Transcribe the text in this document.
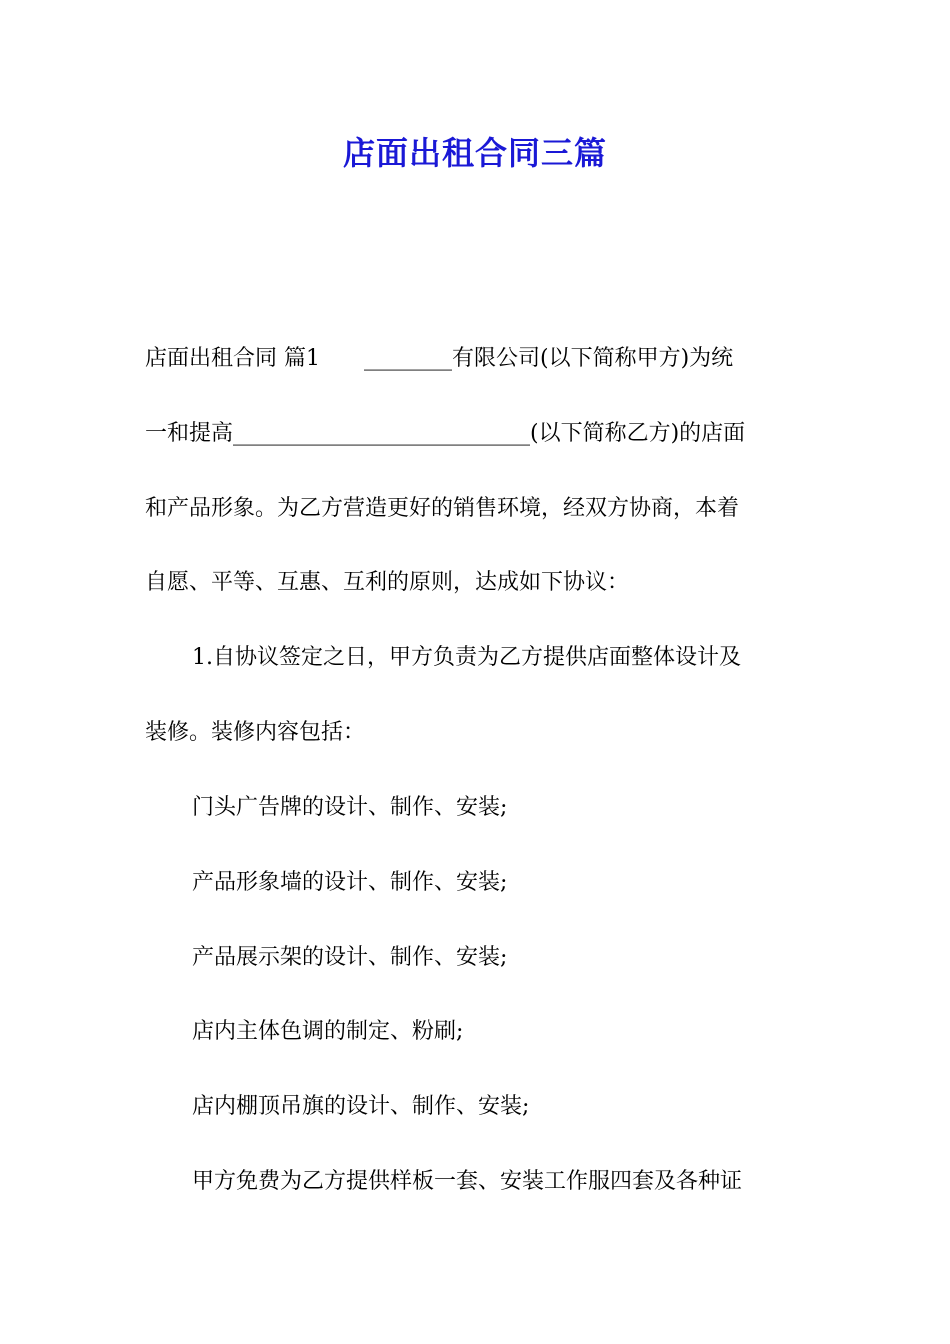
店面出租合同三篇

店面出租合同 篇1 ________有限公司(以下简称甲方)为统

一和提高___________________________(以下简称乙方)的店面

和产品形象。为乙方营造更好的销售环境，经双方协商，本着

自愿、平等、互惠、互利的原则，达成如下协议：

1.自协议签定之日，甲方负责为乙方提供店面整体设计及

装修。装修内容包括：

门头广告牌的设计、制作、安装;

产品形象墙的设计、制作、安装;

产品展示架的设计、制作、安装;

店内主体色调的制定、粉刷;

店内棚顶吊旗的设计、制作、安装;

甲方免费为乙方提供样板一套、安装工作服四套及各种证
